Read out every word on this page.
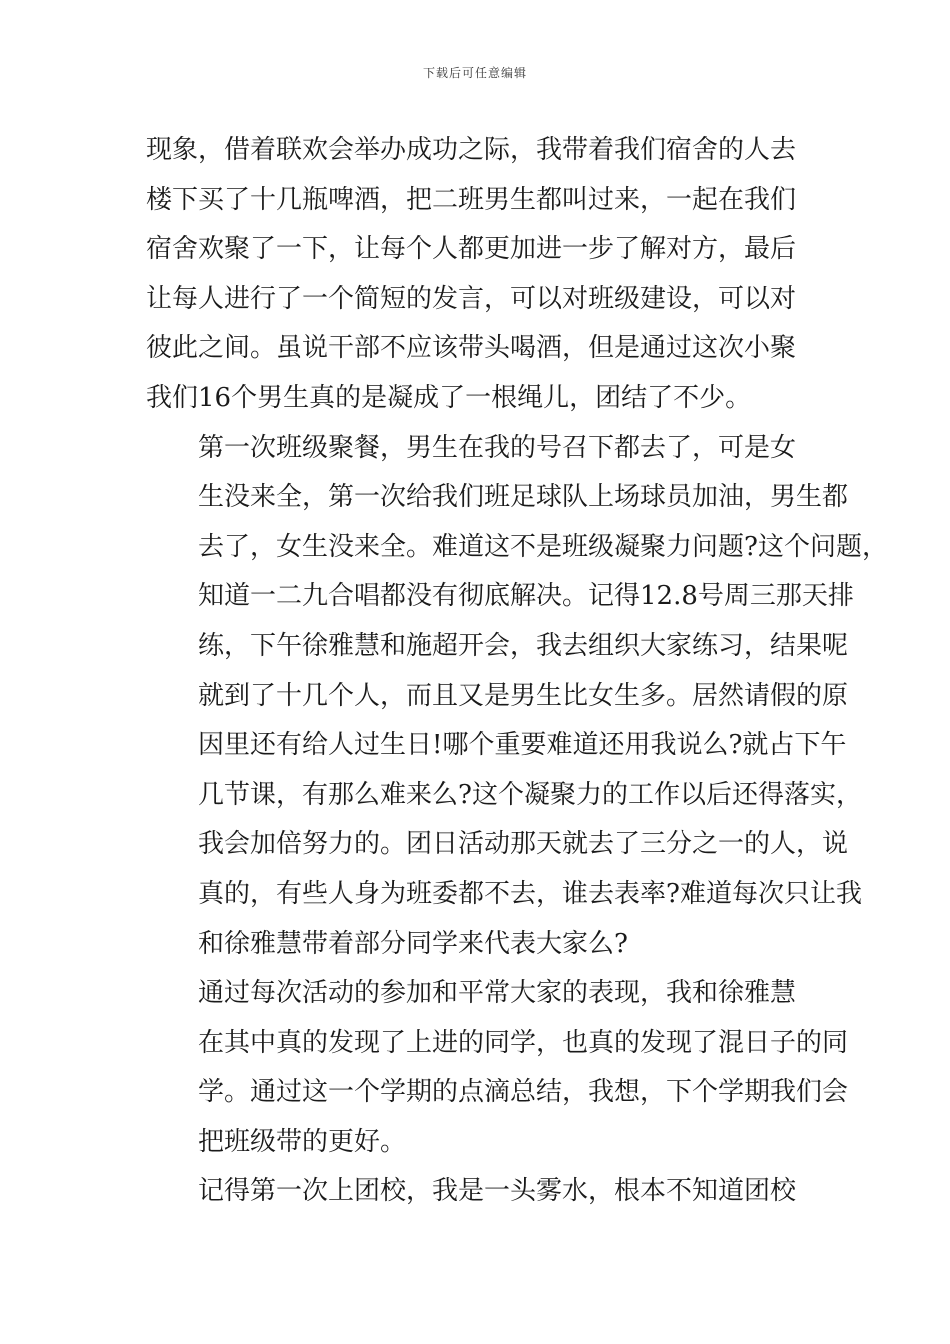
下载后可任意编辑

现象，借着联欢会举办成功之际，我带着我们宿舍的人去
楼下买了十几瓶啤酒，把二班男生都叫过来，一起在我们
宿舍欢聚了一下，让每个人都更加进一步了解对方，最后
让每人进行了一个简短的发言，可以对班级建设，可以对
彼此之间。虽说干部不应该带头喝酒，但是通过这次小聚
我们16个男生真的是凝成了一根绳儿，团结了不少。

第一次班级聚餐，男生在我的号召下都去了，可是女
生没来全，第一次给我们班足球队上场球员加油，男生都
去了，女生没来全。难道这不是班级凝聚力问题?这个问题，
知道一二九合唱都没有彻底解决。记得12.8号周三那天排
练，下午徐雅慧和施超开会，我去组织大家练习，结果呢
就到了十几个人，而且又是男生比女生多。居然请假的原
因里还有给人过生日!哪个重要难道还用我说么?就占下午
几节课，有那么难来么?这个凝聚力的工作以后还得落实，
我会加倍努力的。团日活动那天就去了三分之一的人，说
真的，有些人身为班委都不去，谁去表率?难道每次只让我
和徐雅慧带着部分同学来代表大家么?

通过每次活动的参加和平常大家的表现，我和徐雅慧
在其中真的发现了上进的同学，也真的发现了混日子的同
学。通过这一个学期的点滴总结，我想，下个学期我们会
把班级带的更好。

记得第一次上团校，我是一头雾水，根本不知道团校
